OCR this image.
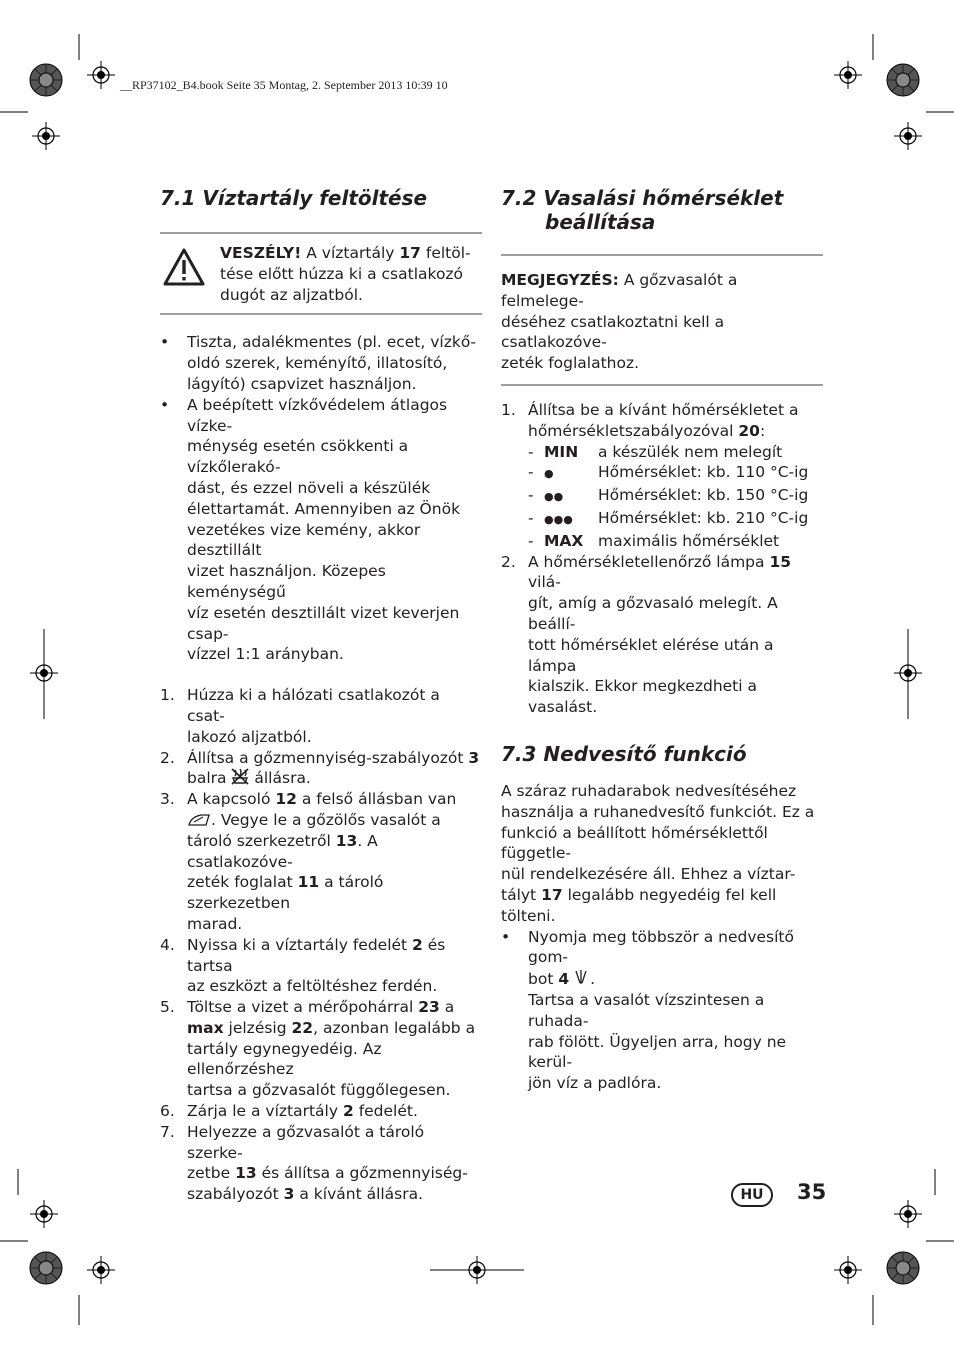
__RP37102_B4.book Seite 35 Montag, 2. September 2013 10:39 10
7.1 Víztartály feltöltése
VESZÉLY! A víztartály 17 feltöl-
tése előtt húzza ki a csatlakozó
dugót az aljzatból.
• Tiszta, adalékmentes (pl. ecet, vízkő-
oldó szerek, keményítő, illatosító,
lágyító) csapvizet használjon.
• A beépített vízkővédelem átlagos vízke-
ménység esetén csökkenti a vízkőlerakó-
dást, és ezzel növeli a készülék
élettartamát. Amennyiben az Önök
vezetékes vize kemény, akkor desztillált
vizet használjon. Közepes keménységű
víz esetén desztillált vizet keverjen csap-
vízzel 1:1 arányban.
1. Húzza ki a hálózati csatlakozót a csat-
lakozó aljzatból.
2. Állítsa a gőzmennyiség-szabályozót 3
balra  állásra.
3. A kapcsoló 12 a felső állásban van
. Vegye le a gőzölős vasalót a
tároló szerkezetről 13. A csatlakozóve-
zeték foglalat 11 a tároló szerkezetben
marad.
4. Nyissa ki a víztartály fedelét 2 és tartsa
az eszközt a feltöltéshez ferdén.
5. Töltse a vizet a mérőpohárral 23 a
max jelzésig 22, azonban legalább a
tartály egynegyedéig. Az ellenőrzéshez
tartsa a gőzvasalót függőlegesen.
6. Zárja le a víztartály 2 fedelét.
7. Helyezze a gőzvasalót a tároló szerke-
zetbe 13 és állítsa a gőzmennyiség-
szabályozót 3 a kívánt állásra.
7.2 Vasalási hőmérséklet
beállítása
MEGJEGYZÉS: A gőzvasalót a felmelege-
déséhez csatlakoztatni kell a csatlakozóve-
zeték foglalathoz.
1. Állítsa be a kívánt hőmérsékletet a
hőmérsékletszabályozóval 20:
- MIN a készülék nem melegít
- ●	Hőmérséklet: kb. 110 °C-ig
- ●● Hőmérséklet: kb. 150 °C-ig
- ●●● Hőmérséklet: kb. 210 °C-ig
- MAX maximális hőmérséklet
2. A hőmérsékletellenőrző lámpa 15 vilá-
gít, amíg a gőzvasaló melegít. A beállí-
tott hőmérséklet elérése után a lámpa
kialszik. Ekkor megkezdheti a vasalást.
7.3 Nedvesítő funkció
A száraz ruhadarabok nedvesítéséhez
használja a ruhanedvesítő funkciót. Ez a
funkció a beállított hőmérséklettől függetle-
nül rendelkezésére áll. Ehhez a víztar-
tályt 17 legalább negyedéig fel kell tölteni.
• Nyomja meg többször a nedvesítő gom-
bot 4 .
Tartsa a vasalót vízszintesen a ruhada-
rab fölött. Ügyeljen arra, hogy ne kerül-
jön víz a padlóra.
HU	35
